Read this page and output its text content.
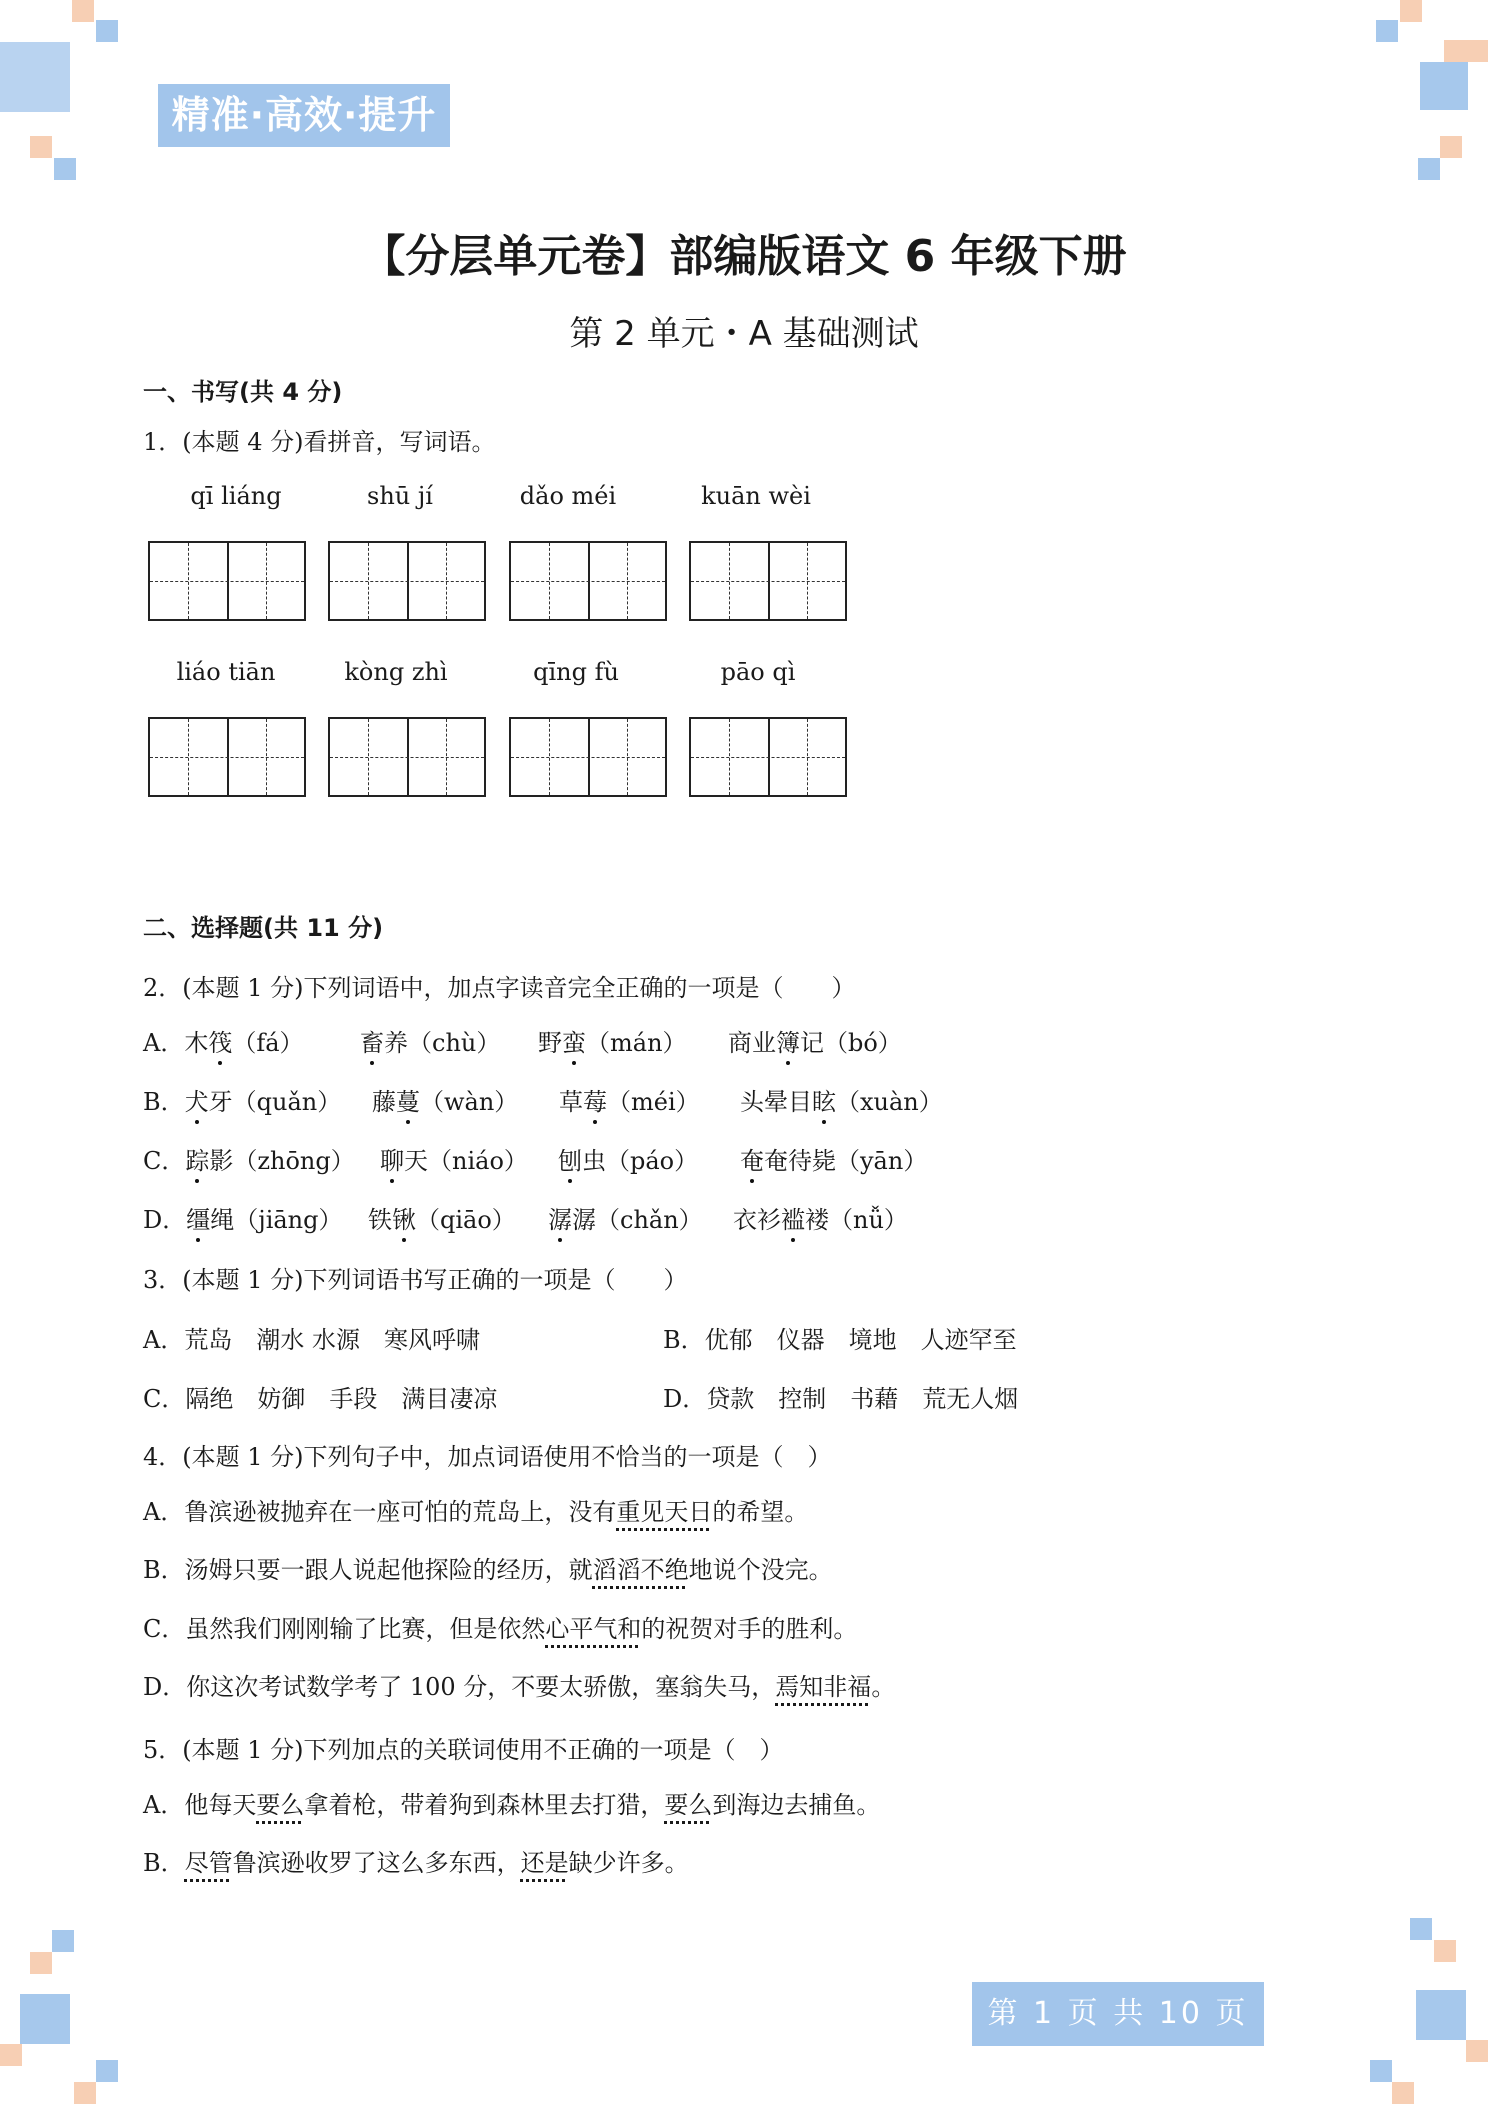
精准·高效·提升
【分层单元卷】部编版语文 6 年级下册
第 2 单元・A 基础测试
一、书写(共 4 分)
1．(本题 4 分)看拼音，写词语。
qī liáng	shū jí	dǎo méi	kuān wèi
liáo tiān	kòng zhì	qīng fù	pāo qì
二、选择题(共 11 分)
2．(本题 1 分)下列词语中，加点字读音完全正确的一项是（　　）
A．木筏（fá） 畜养（chù） 野蛮（mán） 商业簿记（bó）
B．犬牙（quǎn） 藤蔓（wàn） 草莓（méi） 头晕目眩（xuàn）
C．踪影（zhōng） 聊天（niáo） 刨虫（páo） 奄奄待毙（yān）
D．缰绳（jiāng） 铁锹（qiāo） 潺潺（chǎn） 衣衫褴褛（nǚ）
3．(本题 1 分)下列词语书写正确的一项是（　　）
A．荒岛　潮水 水源　寒风呼啸	B．优郁　仪器　境地　人迹罕至
C．隔绝　妨御　手段　满目凄凉	D．贷款　控制　书藉　荒无人烟
4．(本题 1 分)下列句子中，加点词语使用不恰当的一项是（　）
A．鲁滨逊被抛弃在一座可怕的荒岛上，没有重见天日的希望。
B．汤姆只要一跟人说起他探险的经历，就滔滔不绝地说个没完。
C．虽然我们刚刚输了比赛，但是依然心平气和的祝贺对手的胜利。
D．你这次考试数学考了 100 分，不要太骄傲，塞翁失马，焉知非福。
5．(本题 1 分)下列加点的关联词使用不正确的一项是（　）
A．他每天要么拿着枪，带着狗到森林里去打猎，要么到海边去捕鱼。
B．尽管鲁滨逊收罗了这么多东西，还是缺少许多。
第 1 页 共 10 页
